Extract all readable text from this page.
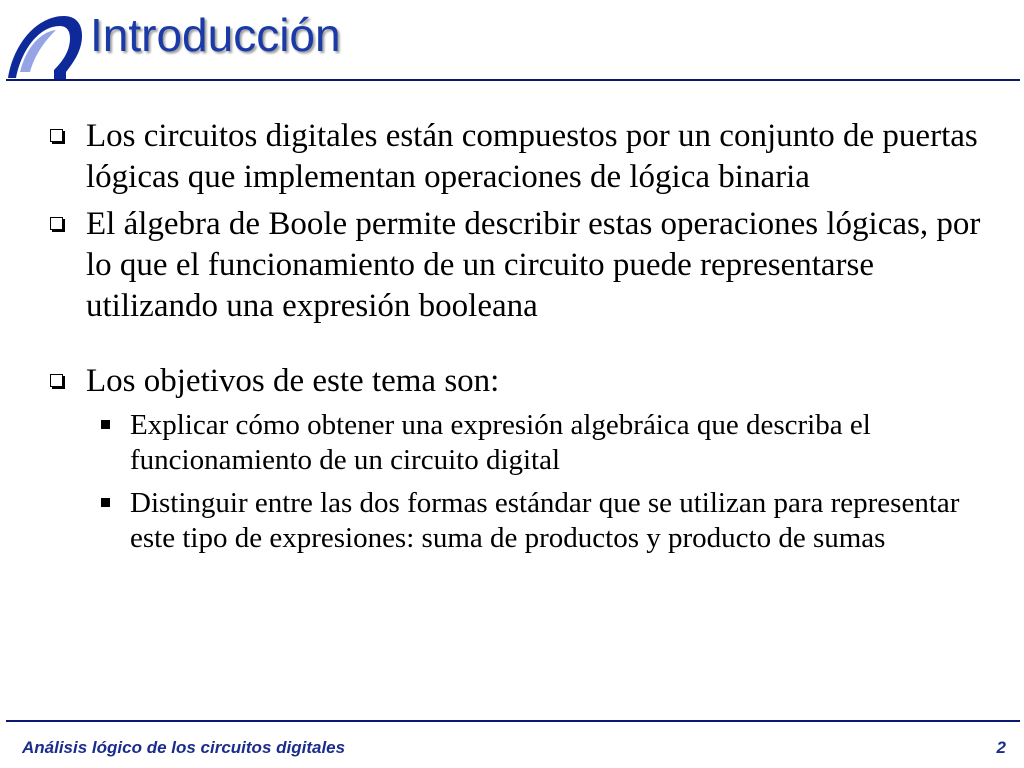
Introducción
Los circuitos digitales están compuestos por un conjunto de puertas lógicas que implementan operaciones de lógica binaria
El álgebra de Boole permite describir estas operaciones lógicas, por lo que el funcionamiento de un circuito puede representarse utilizando una expresión booleana
Los objetivos de este tema son:
Explicar cómo obtener una expresión algebráica que describa el funcionamiento de un circuito digital
Distinguir entre las dos formas estándar que se utilizan para representar este tipo de expresiones: suma de productos y producto de sumas
Análisis lógico de los circuitos digitales	2
